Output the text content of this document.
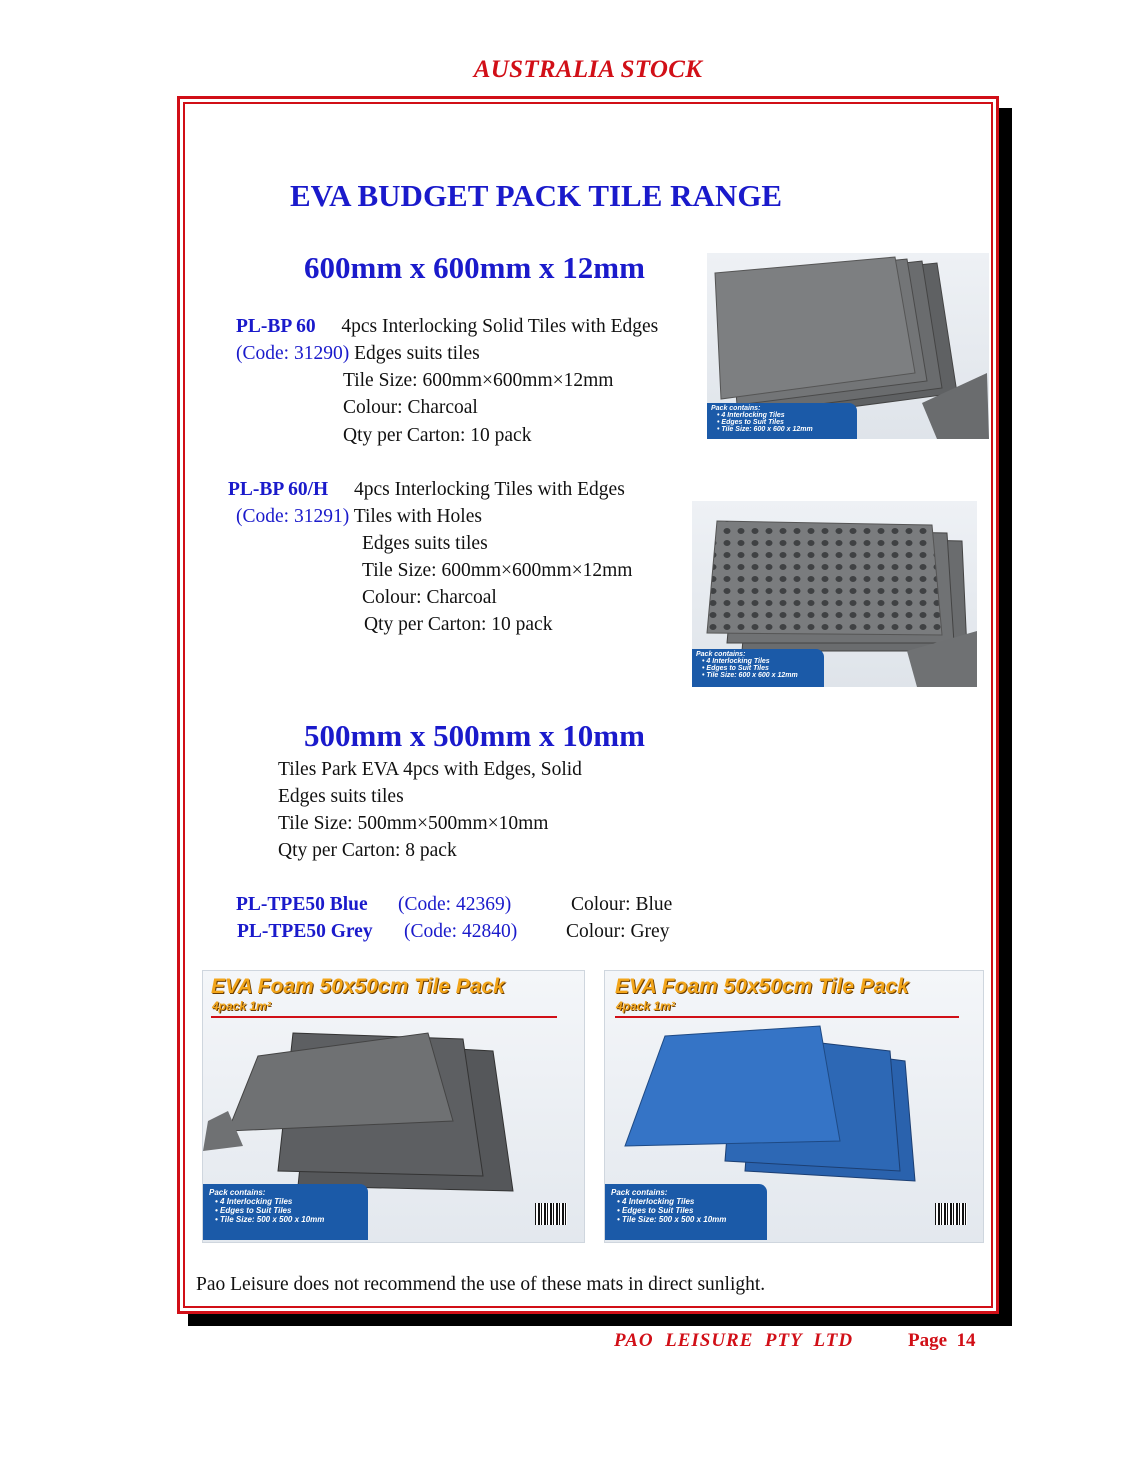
AUSTRALIA STOCK
EVA BUDGET PACK TILE RANGE
600mm x 600mm x 12mm
PL-BP 60 4pcs Interlocking Solid Tiles with Edges
(Code: 31290) Edges suits tiles
Tile Size: 600mm×600mm×12mm
Colour: Charcoal
Qty per Carton: 10 pack
Pack contains:
• 4 Interlocking Tiles
• Edges to Suit Tiles
• Tile Size: 600 x 600 x 12mm
PL-BP 60/H 4pcs Interlocking Tiles with Edges
(Code: 31291) Tiles with Holes
Edges suits tiles
Tile Size: 600mm×600mm×12mm
Colour: Charcoal
Qty per Carton: 10 pack
Pack contains:
• 4 Interlocking Tiles
• Edges to Suit Tiles
• Tile Size: 600 x 600 x 12mm
500mm x 500mm x 10mm
Tiles Park EVA 4pcs with Edges, Solid
Edges suits tiles
Tile Size: 500mm×500mm×10mm
Qty per Carton: 8 pack
PL-TPE50 Blue (Code: 42369)	Colour: Blue
PL-TPE50 Grey (Code: 42840)	Colour: Grey
EVA Foam 50x50cm Tile Pack
4pack 1m²
Pack contains:
• 4 Interlocking Tiles
• Edges to Suit Tiles
• Tile Size: 500 x 500 x 10mm
EVA Foam 50x50cm Tile Pack
4pack 1m²
Pack contains:
• 4 Interlocking Tiles
• Edges to Suit Tiles
• Tile Size: 500 x 500 x 10mm
Pao Leisure does not recommend the use of these mats in direct sunlight.
PAO  LEISURE  PTY  LTD	Page  14
